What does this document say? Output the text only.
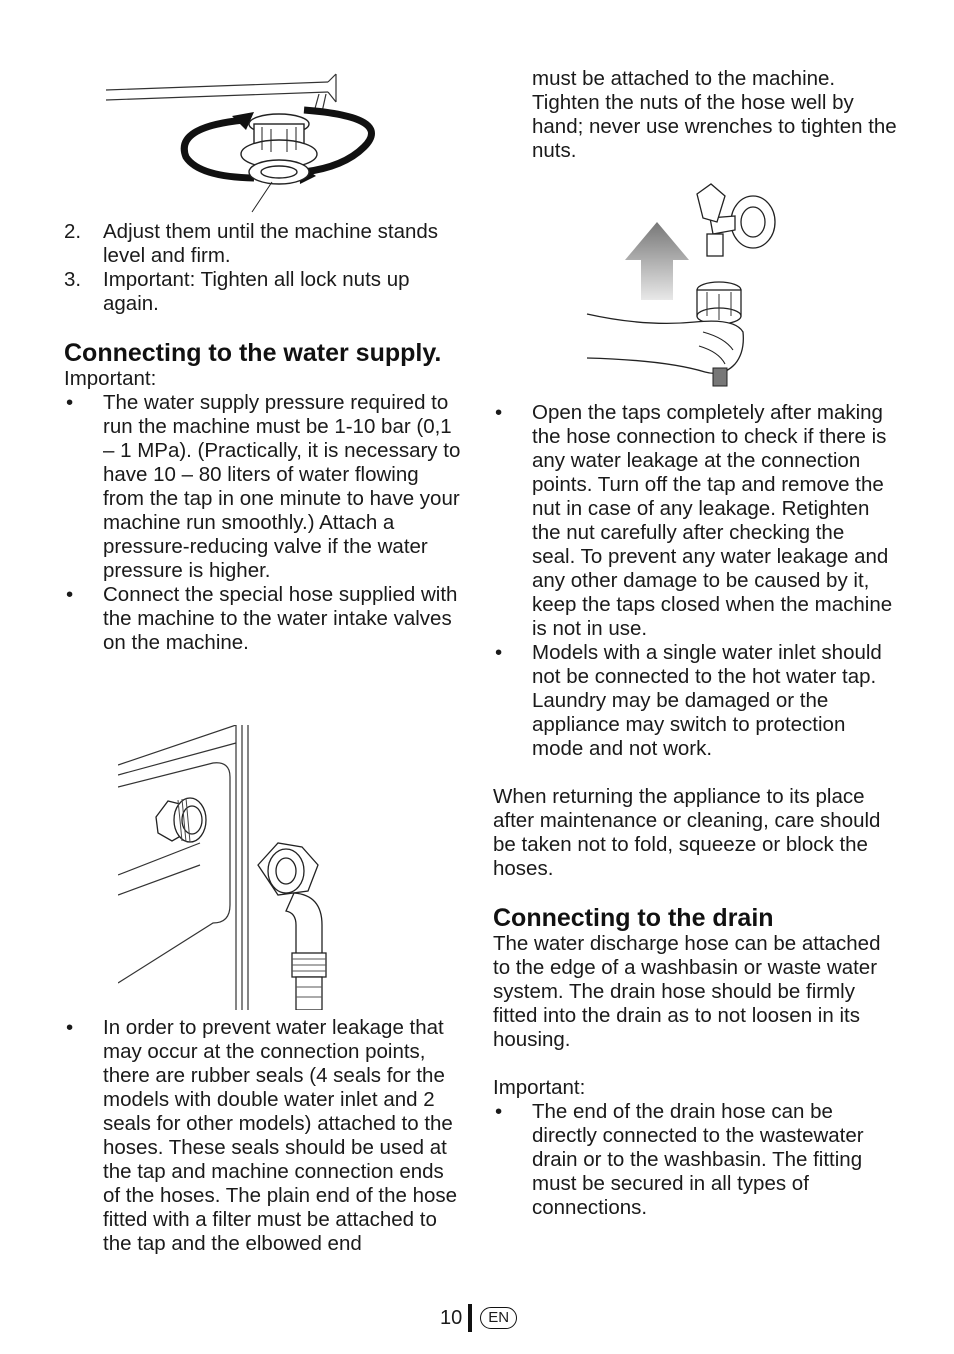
2. Adjust them until the machine stands level and firm.
3. Important: Tighten all lock nuts up again.
Connecting to the water supply.

Important:

• The water supply pressure required to run the machine must be 1-10 bar (0,1 – 1 MPa). (Practically, it is necessary to have 10 – 80 liters of water flowing from the tap in one minute to have your machine run smoothly.) Attach a pressure-reducing valve if the water pressure is higher.
• Connect the special hose supplied with the machine to the water intake valves on the machine.
• In order to prevent water leakage that may occur at the connection points, there are rubber seals (4 seals for the models with double water inlet and 2 seals for other models) attached to the hoses. These seals should be used at the tap and machine connection ends of the hoses. The plain end of the hose fitted with a filter must be attached to the tap and the elbowed end

must be attached to the machine. Tighten the nuts of the hose well by hand; never use wrenches to tighten the nuts.

• Open the taps completely after making the hose connection to check if there is any water leakage at the connection points. Turn off the tap and remove the nut in case of any leakage. Retighten the nut carefully after checking the seal. To prevent any water leakage and any other damage to be caused by it, keep the taps closed when the machine is not in use.
• Models with a single water inlet should not be connected to the hot water tap. Laundry may be damaged or the appliance may switch to protection mode and not work.

When returning the appliance to its place after maintenance or cleaning, care should be taken not to fold, squeeze or block the hoses.

Connecting to the drain

The water discharge hose can be attached to the edge of a washbasin or waste water system. The drain hose should be firmly fitted into the drain as to not loosen in its housing.

Important:

• The end of the drain hose can be directly connected to the wastewater drain or to the washbasin. The fitting must be secured in all types of connections.
10	EN
